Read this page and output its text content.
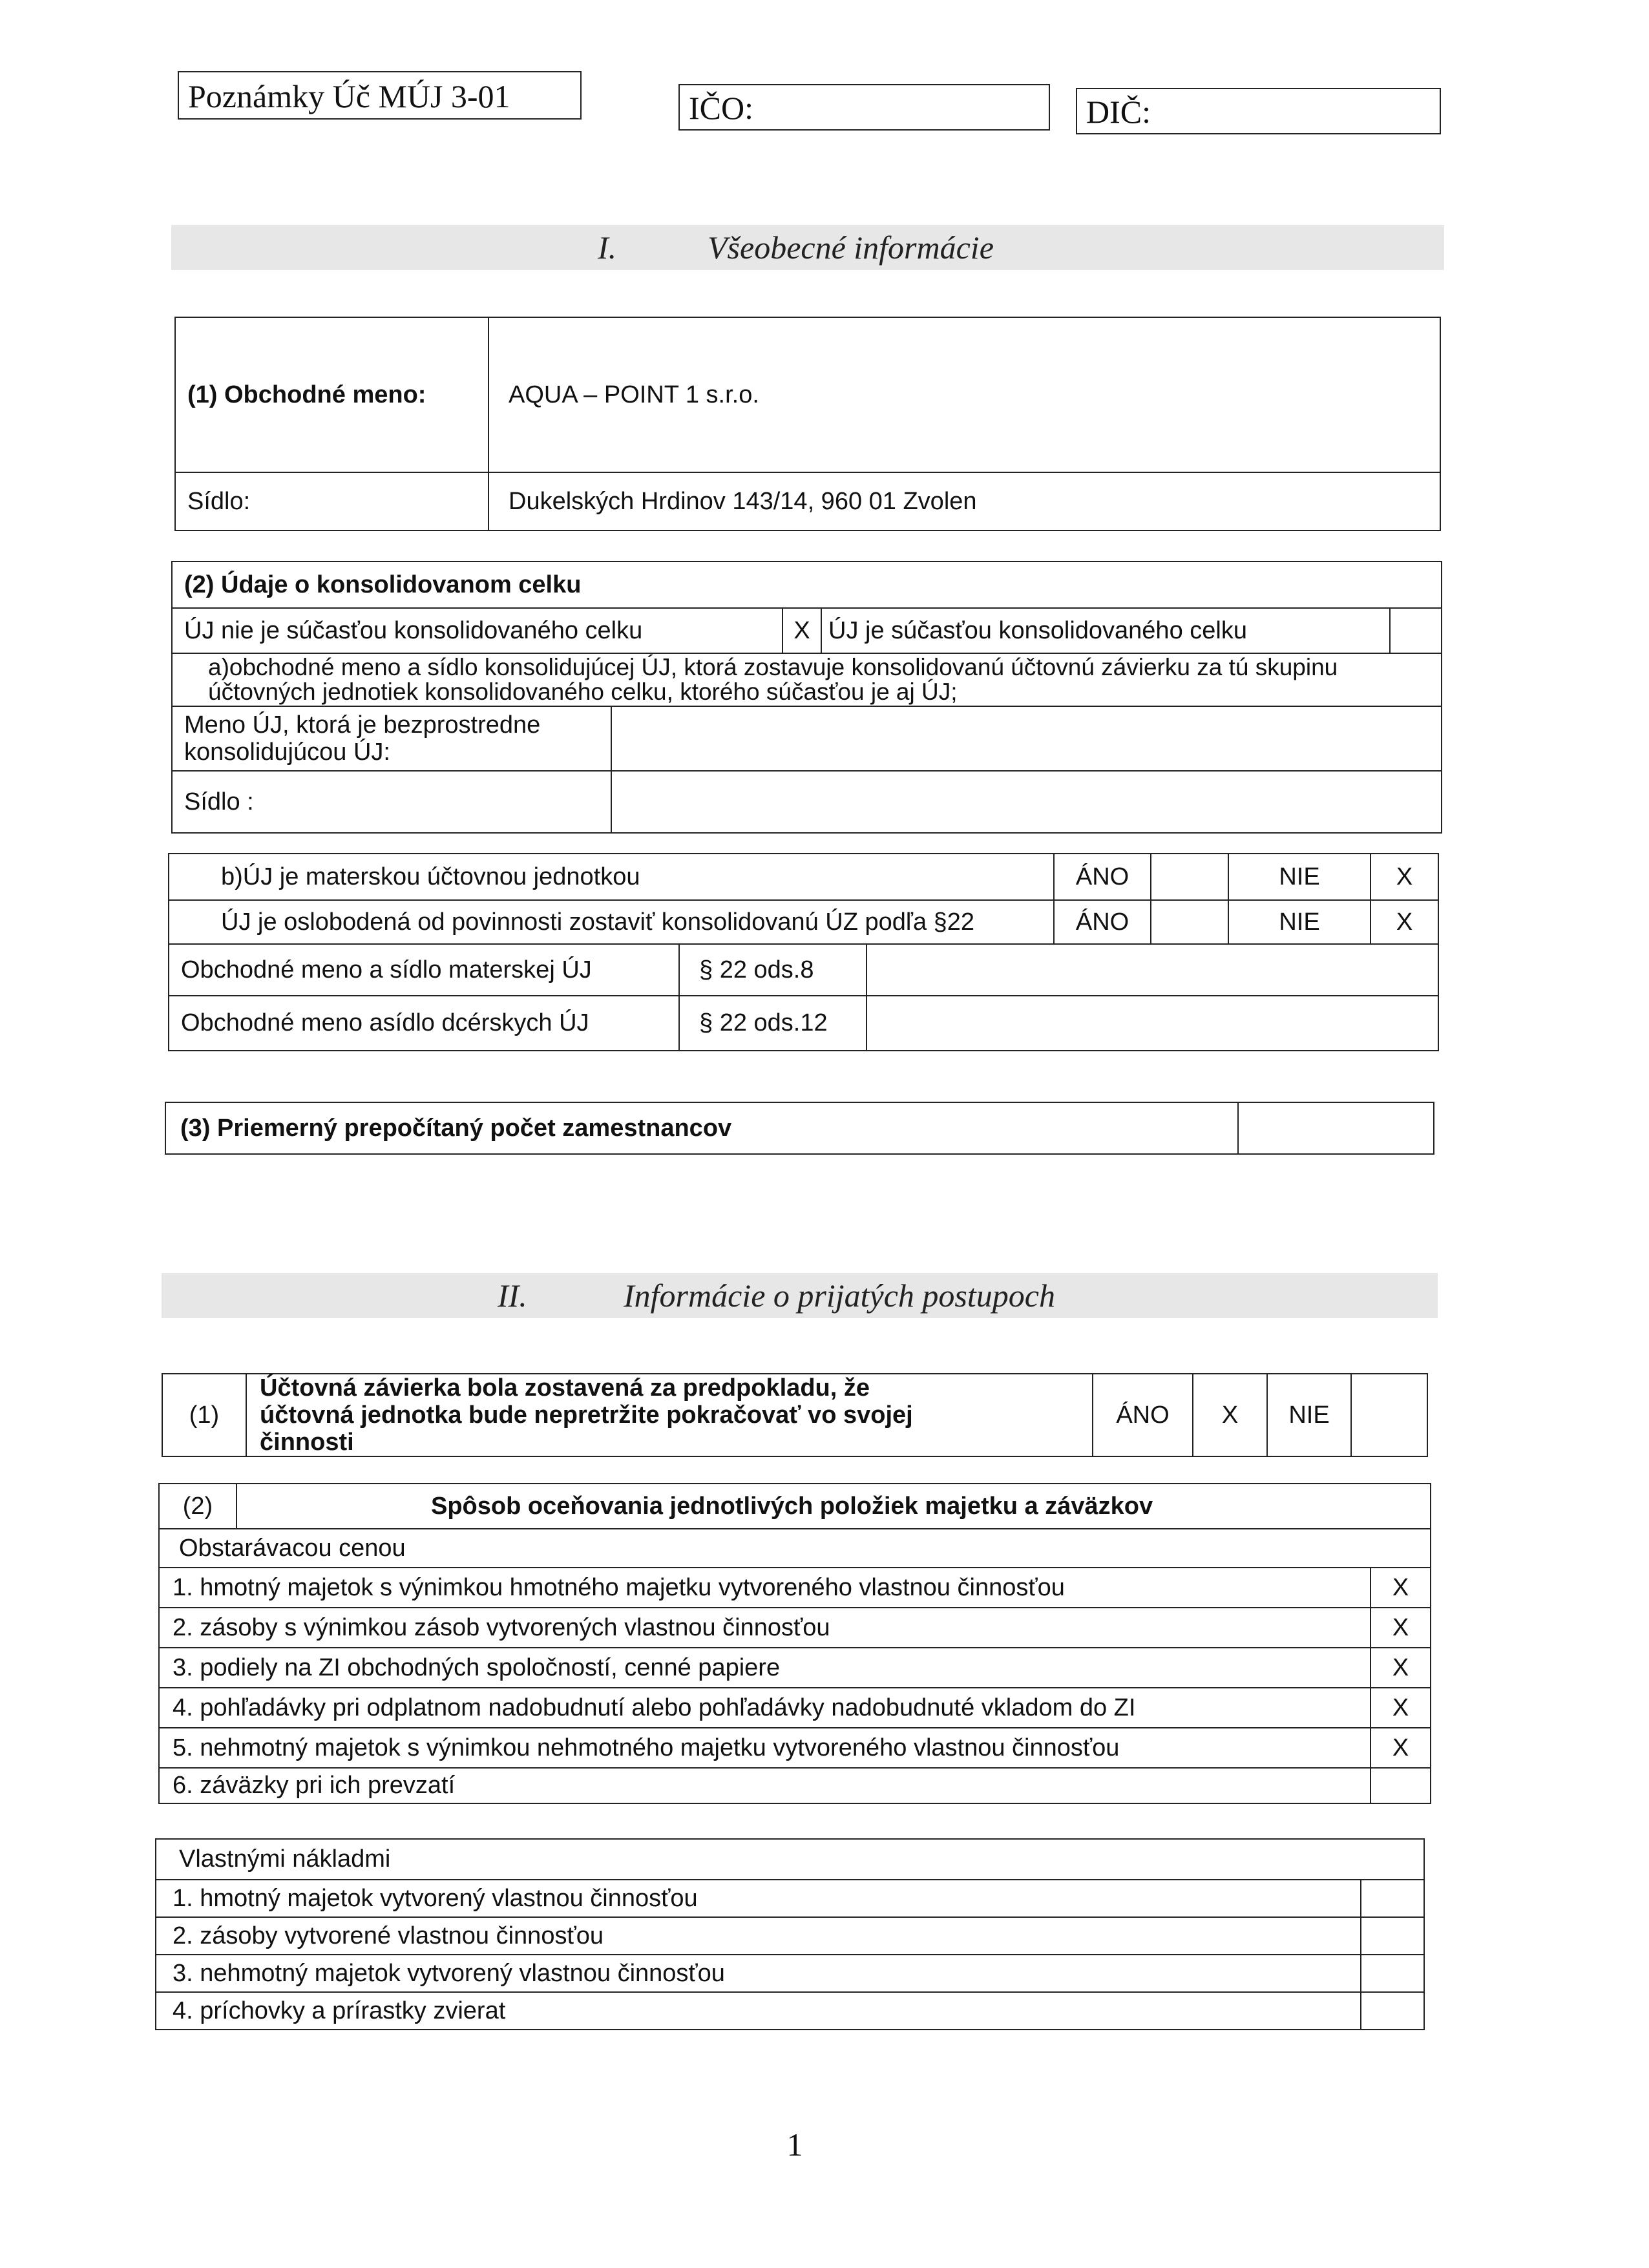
Poznámky Úč MÚJ 3-01	IČO:	DIČ:
I.	Všeobecné informácie
(1) Obchodné meno:	AQUA – POINT 1 s.r.o.
Sídlo:	Dukelských Hrdinov 143/14, 960 01 Zvolen
(2) Údaje o konsolidovanom celku				
ÚJ nie je súčasťou konsolidovaného celku		X	ÚJ je súčasťou konsolidovaného celku	
a)obchodné meno a sídlo konsolidujúcej ÚJ, ktorá zostavuje konsolidovanú účtovnú závierku za tú skupinu účtovných jednotiek konsolidovaného celku, ktorého súčasťou je aj ÚJ;				
Meno ÚJ, ktorá je bezprostredne konsolidujúcou ÚJ:				
Sídlo :				
b)ÚJ je materskou účtovnou jednotkou			ÁNO		NIE	X
ÚJ je oslobodená od povinnosti zostaviť konsolidovanú ÚZ podľa §22			ÁNO		NIE	X
Obchodné meno a sídlo materskej ÚJ	§ 22 ods.8					
Obchodné meno asídlo dcérskych ÚJ	§ 22 ods.12					
(3) Priemerný prepočítaný počet zamestnancov	
II.	Informácie o prijatých postupoch
(1)	Účtovná závierka bola zostavená za predpokladu, že účtovná jednotka bude nepretržite pokračovať vo svojej činnosti	ÁNO	X	NIE	
(2)	Spôsob oceňovania jednotlivých položiek majetku a záväzkov	
Obstarávacou cenou		
1. hmotný majetok s výnimkou hmotného majetku vytvoreného vlastnou činnosťou		X
2. zásoby s výnimkou zásob vytvorených vlastnou činnosťou		X
3. podiely na ZI obchodných spoločností, cenné papiere		X
4. pohľadávky pri odplatnom nadobudnutí alebo pohľadávky nadobudnuté vkladom do ZI		X
5. nehmotný majetok s výnimkou nehmotného majetku vytvoreného vlastnou činnosťou		X
6. záväzky pri ich prevzatí		
Vlastnými nákladmi	
1. hmotný majetok vytvorený vlastnou činnosťou	
2. zásoby vytvorené vlastnou činnosťou	
3. nehmotný majetok vytvorený vlastnou činnosťou	
4. príchovky a prírastky zvierat	
1
